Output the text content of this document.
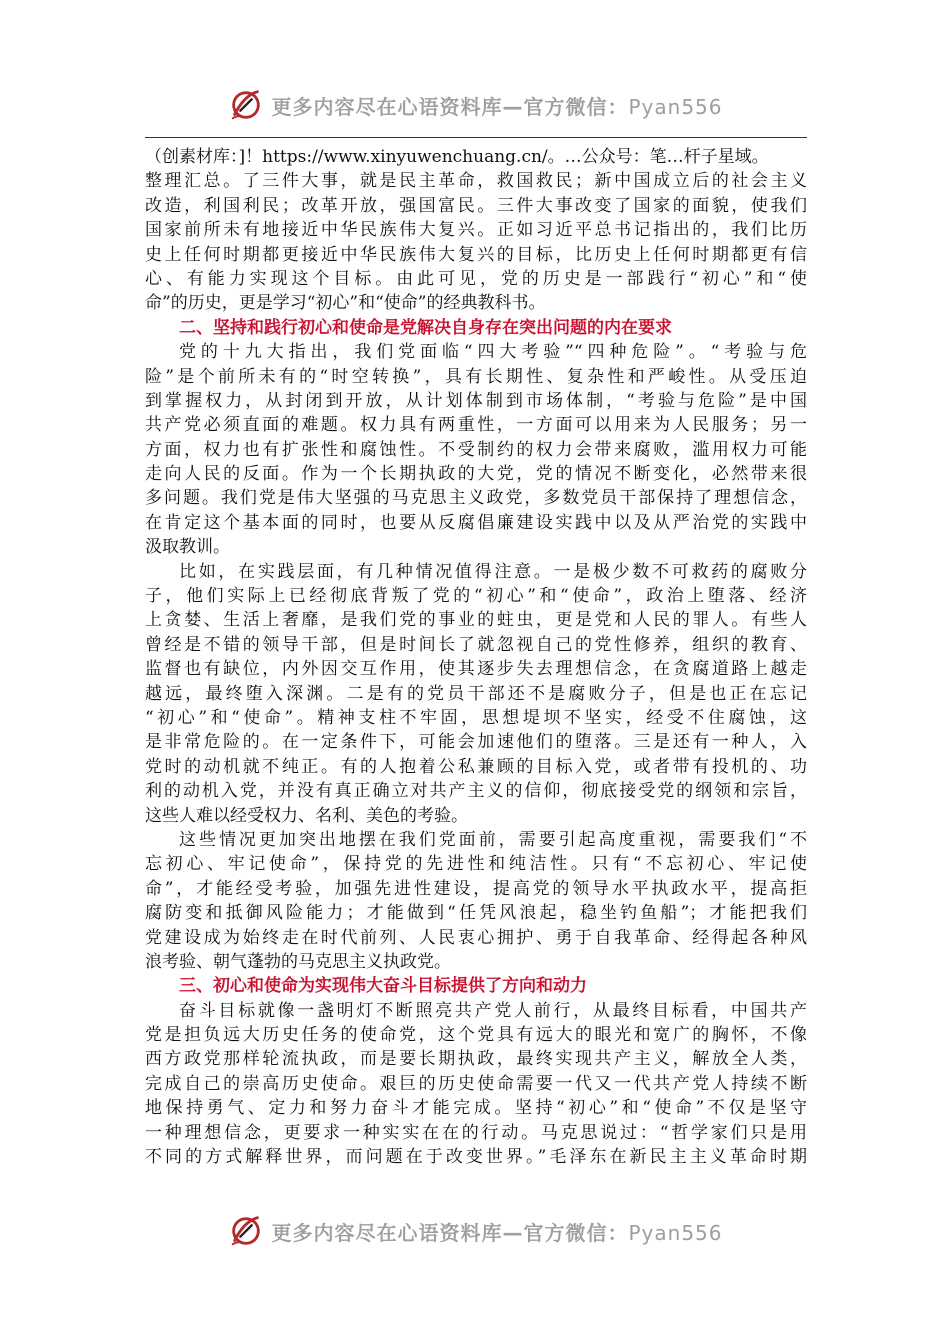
更多内容尽在心语资料库—官方微信：Pyan556
（创素材库：]！https://www.xinyuwenchuang.cn/。…公众号：笔…杆子星域。
整理汇总。了三件大事，就是民主革命，救国救民；新中国成立后的社会主义
改造，利国利民；改革开放，强国富民。三件大事改变了国家的面貌，使我们
国家前所未有地接近中华民族伟大复兴。正如习近平总书记指出的，我们比历
史上任何时期都更接近中华民族伟大复兴的目标，比历史上任何时期都更有信
心、有能力实现这个目标。由此可见，党的历史是一部践行“初心”和“使
命”的历史，更是学习“初心”和“使命”的经典教科书。
二、坚持和践行初心和使命是党解决自身存在突出问题的内在要求
党的十九大指出，我们党面临“四大考验”“四种危险”。“考验与危
险”是个前所未有的“时空转换”，具有长期性、复杂性和严峻性。从受压迫
到掌握权力，从封闭到开放，从计划体制到市场体制，“考验与危险”是中国
共产党必须直面的难题。权力具有两重性，一方面可以用来为人民服务；另一
方面，权力也有扩张性和腐蚀性。不受制约的权力会带来腐败，滥用权力可能
走向人民的反面。作为一个长期执政的大党，党的情况不断变化，必然带来很
多问题。我们党是伟大坚强的马克思主义政党，多数党员干部保持了理想信念，
在肯定这个基本面的同时，也要从反腐倡廉建设实践中以及从严治党的实践中
汲取教训。
比如，在实践层面，有几种情况值得注意。一是极少数不可救药的腐败分
子，他们实际上已经彻底背叛了党的“初心”和“使命”，政治上堕落、经济
上贪婪、生活上奢靡，是我们党的事业的蛀虫，更是党和人民的罪人。有些人
曾经是不错的领导干部，但是时间长了就忽视自己的党性修养，组织的教育、
监督也有缺位，内外因交互作用，使其逐步失去理想信念，在贪腐道路上越走
越远，最终堕入深渊。二是有的党员干部还不是腐败分子，但是也正在忘记
“初心”和“使命”。精神支柱不牢固，思想堤坝不坚实，经受不住腐蚀，这
是非常危险的。在一定条件下，可能会加速他们的堕落。三是还有一种人，入
党时的动机就不纯正。有的人抱着公私兼顾的目标入党，或者带有投机的、功
利的动机入党，并没有真正确立对共产主义的信仰，彻底接受党的纲领和宗旨，
这些人难以经受权力、名利、美色的考验。
这些情况更加突出地摆在我们党面前，需要引起高度重视，需要我们“不
忘初心、牢记使命”，保持党的先进性和纯洁性。只有“不忘初心、牢记使
命”，才能经受考验，加强先进性建设，提高党的领导水平执政水平，提高拒
腐防变和抵御风险能力；才能做到“任凭风浪起，稳坐钓鱼船”；才能把我们
党建设成为始终走在时代前列、人民衷心拥护、勇于自我革命、经得起各种风
浪考验、朝气蓬勃的马克思主义执政党。
三、初心和使命为实现伟大奋斗目标提供了方向和动力
奋斗目标就像一盏明灯不断照亮共产党人前行，从最终目标看，中国共产
党是担负远大历史任务的使命党，这个党具有远大的眼光和宽广的胸怀，不像
西方政党那样轮流执政，而是要长期执政，最终实现共产主义，解放全人类，
完成自己的崇高历史使命。艰巨的历史使命需要一代又一代共产党人持续不断
地保持勇气、定力和努力奋斗才能完成。坚持“初心”和“使命”不仅是坚守
一种理想信念，更要求一种实实在在的行动。马克思说过：“哲学家们只是用
不同的方式解释世界，而问题在于改变世界。”毛泽东在新民主主义革命时期
更多内容尽在心语资料库—官方微信：Pyan556
